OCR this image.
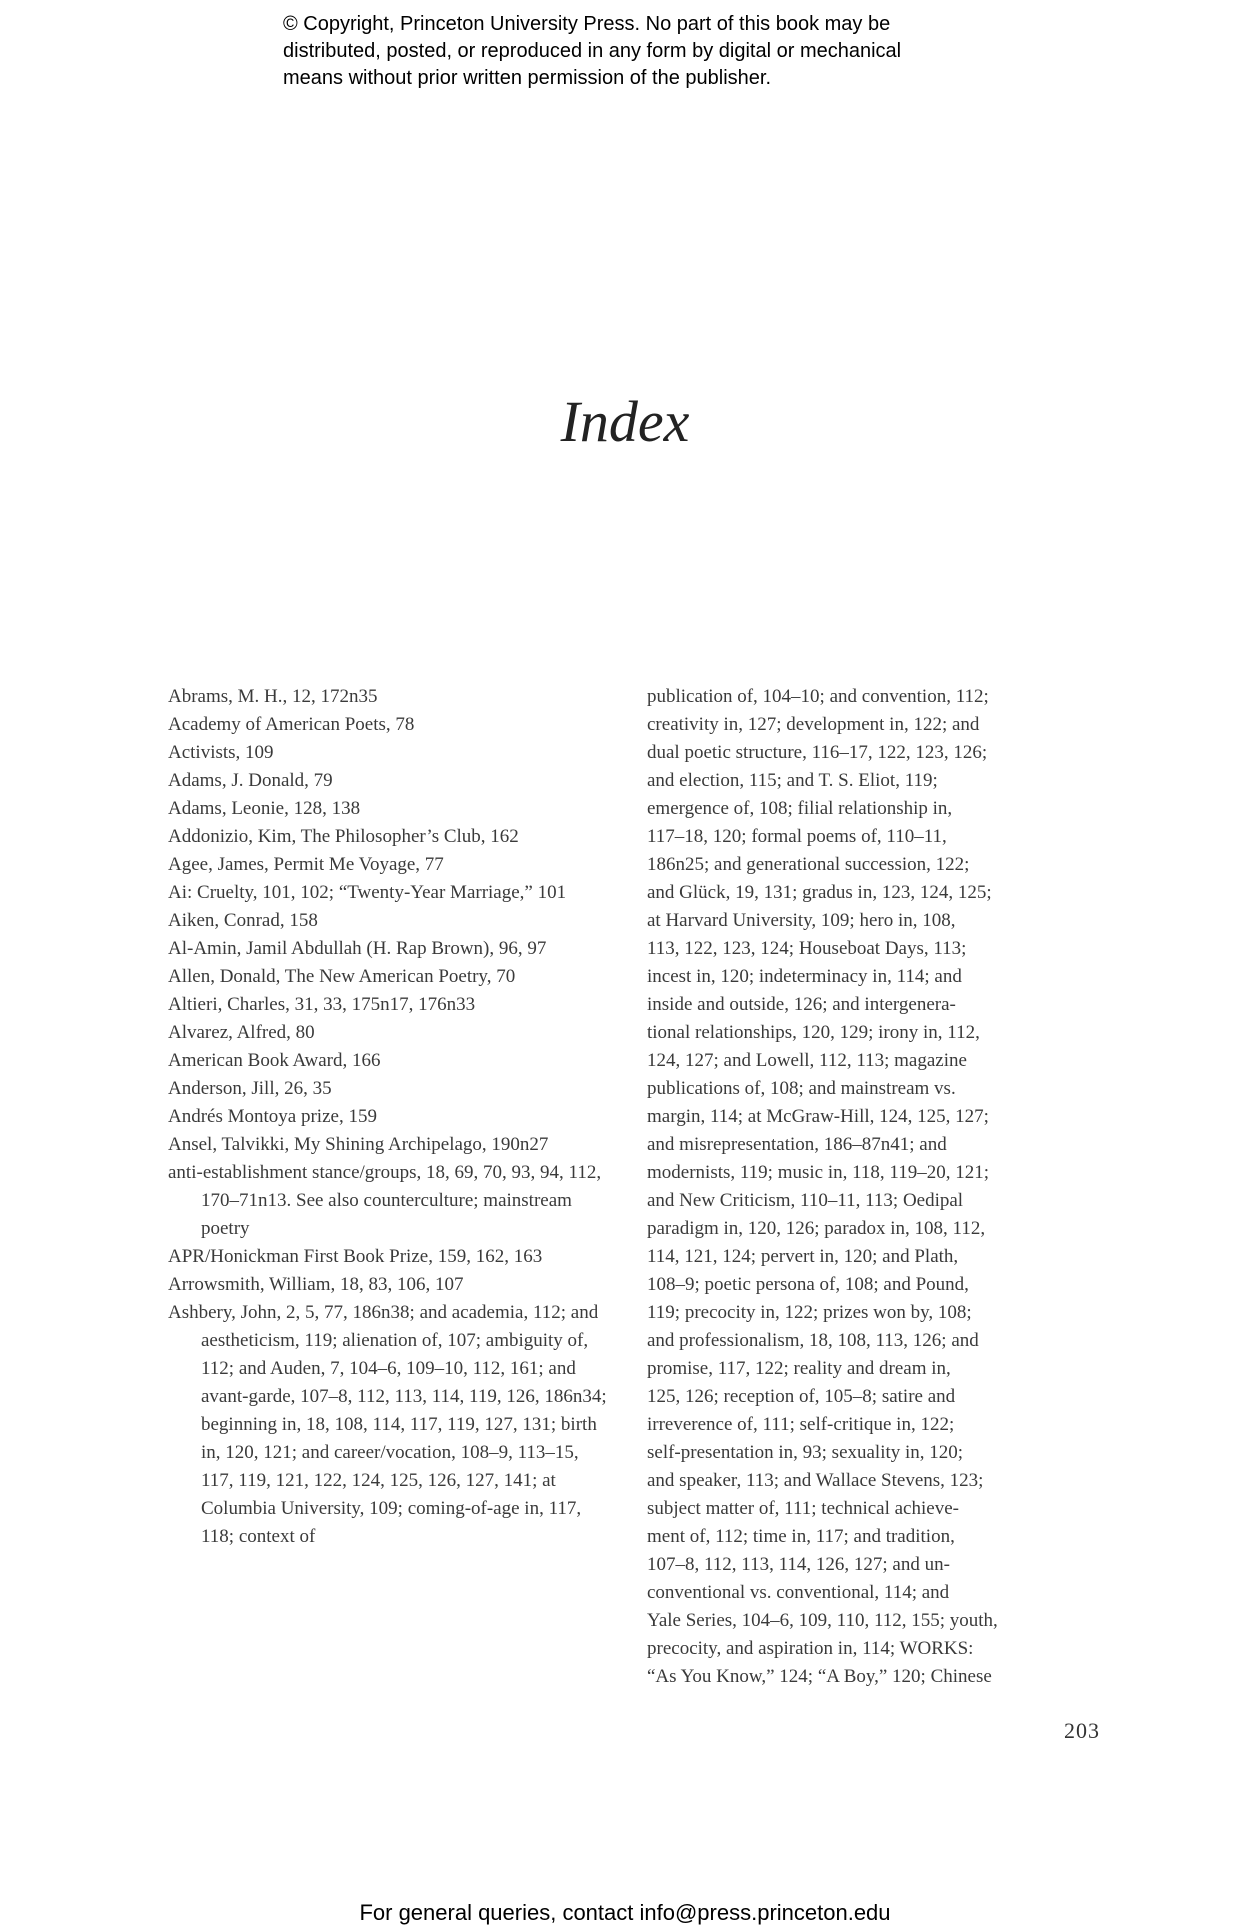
© Copyright, Princeton University Press. No part of this book may be
distributed, posted, or reproduced in any form by digital or mechanical
means without prior written permission of the publisher.
Index
Abrams, M. H., 12, 172n35
Academy of American Poets, 78
Activists, 109
Adams, J. Donald, 79
Adams, Leonie, 128, 138
Addonizio, Kim, The Philosopher’s Club, 162
Agee, James, Permit Me Voyage, 77
Ai: Cruelty, 101, 102; “Twenty-Year Marriage,” 101
Aiken, Conrad, 158
Al-Amin, Jamil Abdullah (H. Rap Brown), 96, 97
Allen, Donald, The New American Poetry, 70
Altieri, Charles, 31, 33, 175n17, 176n33
Alvarez, Alfred, 80
American Book Award, 166
Anderson, Jill, 26, 35
Andrés Montoya prize, 159
Ansel, Talvikki, My Shining Archipelago, 190n27
anti-establishment stance/groups, 18, 69, 70, 93, 94, 112, 170–71n13. See also counterculture; mainstream poetry
APR/Honickman First Book Prize, 159, 162, 163
Arrowsmith, William, 18, 83, 106, 107
Ashbery, John, 2, 5, 77, 186n38; and academia, 112; and aestheticism, 119; alienation of, 107; ambiguity of, 112; and Auden, 7, 104–6, 109–10, 112, 161; and avant-garde, 107–8, 112, 113, 114, 119, 126, 186n34; beginning in, 18, 108, 114, 117, 119, 127, 131; birth in, 120, 121; and career/vocation, 108–9, 113–15, 117, 119, 121, 122, 124, 125, 126, 127, 141; at Columbia University, 109; coming-of-age in, 117, 118; context of
publication of, 104–10; and convention, 112;
creativity in, 127; development in, 122; and
dual poetic structure, 116–17, 122, 123, 126;
and election, 115; and T. S. Eliot, 119;
emergence of, 108; filial relationship in,
117–18, 120; formal poems of, 110–11,
186n25; and generational succession, 122;
and Glück, 19, 131; gradus in, 123, 124, 125;
at Harvard University, 109; hero in, 108,
113, 122, 123, 124; Houseboat Days, 113;
incest in, 120; indeterminacy in, 114; and
inside and outside, 126; and intergenera-
tional relationships, 120, 129; irony in, 112,
124, 127; and Lowell, 112, 113; magazine
publications of, 108; and mainstream vs.
margin, 114; at McGraw-Hill, 124, 125, 127;
and misrepresentation, 186–87n41; and
modernists, 119; music in, 118, 119–20, 121;
and New Criticism, 110–11, 113; Oedipal
paradigm in, 120, 126; paradox in, 108, 112,
114, 121, 124; pervert in, 120; and Plath,
108–9; poetic persona of, 108; and Pound,
119; precocity in, 122; prizes won by, 108;
and professionalism, 18, 108, 113, 126; and
promise, 117, 122; reality and dream in,
125, 126; reception of, 105–8; satire and
irreverence of, 111; self-critique in, 122;
self-presentation in, 93; sexuality in, 120;
and speaker, 113; and Wallace Stevens, 123;
subject matter of, 111; technical achieve-
ment of, 112; time in, 117; and tradition,
107–8, 112, 113, 114, 126, 127; and un-
conventional vs. conventional, 114; and
Yale Series, 104–6, 109, 110, 112, 155; youth,
precocity, and aspiration in, 114; WORKS:
“As You Know,” 124; “A Boy,” 120; Chinese
203
For general queries, contact info@press.princeton.edu
